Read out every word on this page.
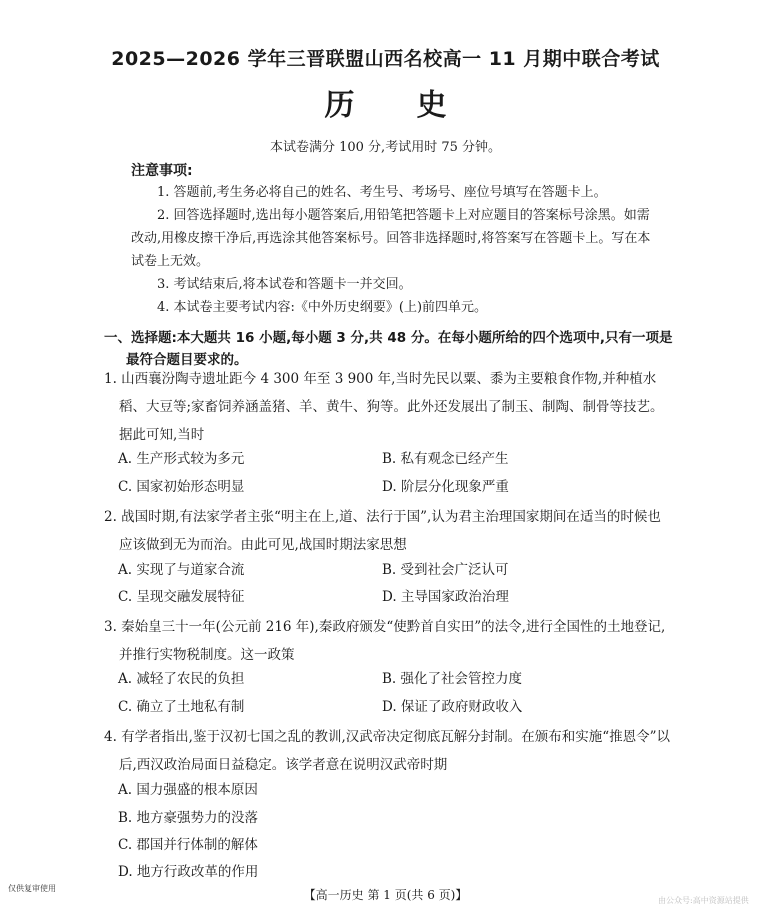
2025—2026 学年三晋联盟山西名校高一 11 月期中联合考试
历史
本试卷满分 100 分,考试用时 75 分钟。
注意事项:

1. 答题前,考生务必将自己的姓名、考生号、考场号、座位号填写在答题卡上。

2. 回答选择题时,选出每小题答案后,用铅笔把答题卡上对应题目的答案标号涂黑。如需改动,用橡皮擦干净后,再选涂其他答案标号。回答非选择题时,将答案写在答题卡上。写在本试卷上无效。

3. 考试结束后,将本试卷和答题卡一并交回。

4. 本试卷主要考试内容:《中外历史纲要》(上)前四单元。

一、选择题:本大题共 16 小题,每小题 3 分,共 48 分。在每小题所给的四个选项中,只有一项是
最符合题目要求的。
1. 山西襄汾陶寺遗址距今 4 300 年至 3 900 年,当时先民以粟、黍为主要粮食作物,并种植水稻、大豆等;家畜饲养涵盖猪、羊、黄牛、狗等。此外还发展出了制玉、制陶、制骨等技艺。据此可知,当时
A. 生产形式较为多元	B. 私有观念已经产生
C. 国家初始形态明显	D. 阶层分化现象严重
2. 战国时期,有法家学者主张“明主在上,道、法行于国”,认为君主治理国家期间在适当的时候也应该做到无为而治。由此可见,战国时期法家思想
A. 实现了与道家合流	B. 受到社会广泛认可
C. 呈现交融发展特征	D. 主导国家政治治理
3. 秦始皇三十一年(公元前 216 年),秦政府颁发“使黔首自实田”的法令,进行全国性的土地登记,并推行实物税制度。这一政策
A. 减轻了农民的负担	B. 强化了社会管控力度
C. 确立了土地私有制	D. 保证了政府财政收入
4. 有学者指出,鉴于汉初七国之乱的教训,汉武帝决定彻底瓦解分封制。在颁布和实施“推恩令”以后,西汉政治局面日益稳定。该学者意在说明汉武帝时期
A. 国力强盛的根本原因
B. 地方豪强势力的没落
C. 郡国并行体制的解体
D. 地方行政改革的作用
仅供复审使用	【高一历史 第 1 页(共 6 页)】	由公众号:高中资源站提供
